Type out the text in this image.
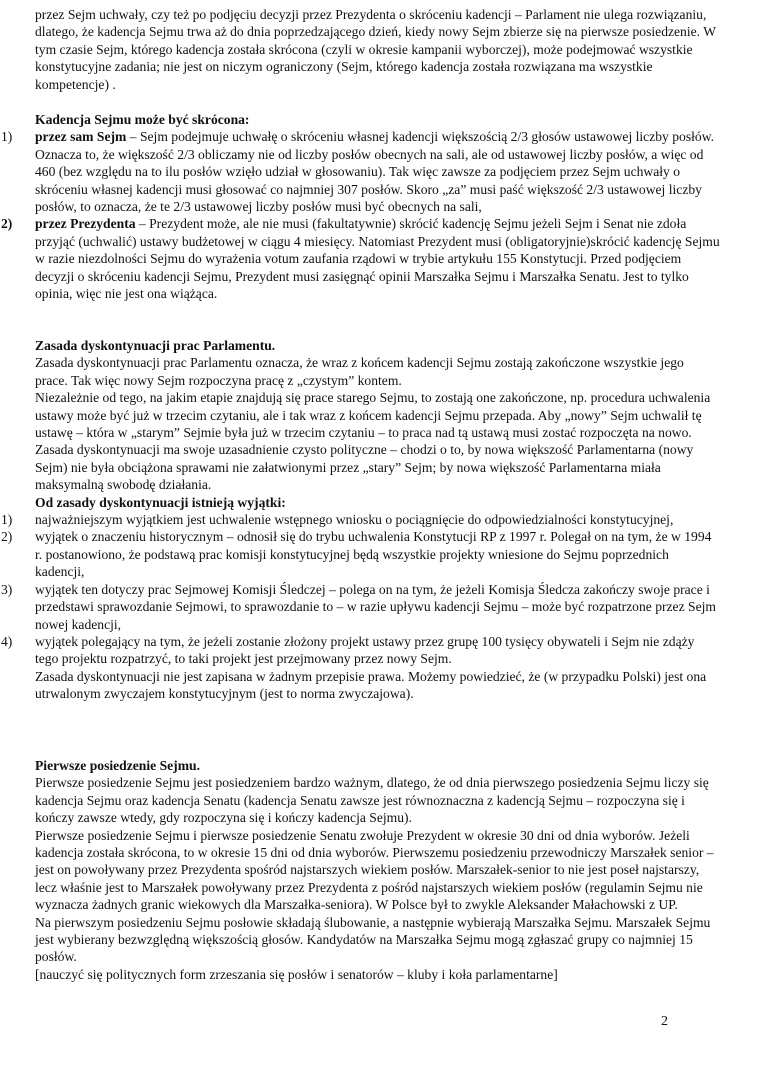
przez Sejm uchwały, czy też po podjęciu decyzji przez Prezydenta o skróceniu kadencji – Parlament nie ulega rozwiązaniu, dlatego, że kadencja Sejmu trwa aż do dnia poprzedzającego dzień, kiedy nowy Sejm zbierze się na pierwsze posiedzenie. W tym czasie Sejm, którego kadencja została skrócona (czyli w okresie kampanii wyborczej), może podejmować wszystkie konstytucyjne zadania; nie jest on niczym ograniczony (Sejm, którego kadencja została rozwiązana ma wszystkie kompetencje) .

Kadencja Sejmu może być skrócona:

1) przez sam Sejm – Sejm podejmuje uchwałę o skróceniu własnej kadencji większością 2/3 głosów ustawowej liczby posłów. Oznacza to, że większość 2/3 obliczamy nie od liczby posłów obecnych na sali, ale od ustawowej liczby posłów, a więc od 460 (bez względu na to ilu posłów wzięło udział w głosowaniu). Tak więc zawsze za podjęciem przez Sejm uchwały o skróceniu własnej kadencji musi głosować co najmniej 307 posłów. Skoro „za” musi paść większość 2/3 ustawowej liczby posłów, to oznacza, że te 2/3 ustawowej liczby posłów musi być obecnych na sali,
2) przez Prezydenta – Prezydent może, ale nie musi (fakultatywnie) skrócić kadencję Sejmu jeżeli Sejm i Senat nie zdoła przyjąć (uchwalić) ustawy budżetowej w ciągu 4 miesięcy. Natomiast Prezydent musi (obligatoryjnie)skrócić kadencję Sejmu w razie niezdolności Sejmu do wyrażenia votum zaufania rządowi w trybie artykułu 155 Konstytucji. Przed podjęciem decyzji o skróceniu kadencji Sejmu, Prezydent musi zasięgnąć opinii Marszałka Sejmu i Marszałka Senatu. Jest to tylko opinia, więc nie jest ona wiążąca.

Zasada dyskontynuacji prac Parlamentu.

Zasada dyskontynuacji prac Parlamentu oznacza, że wraz z końcem kadencji Sejmu zostają zakończone wszystkie jego prace. Tak więc nowy Sejm rozpoczyna pracę z „czystym” kontem.

Niezależnie od tego, na jakim etapie znajdują się prace starego Sejmu, to zostają one zakończone, np. procedura uchwalenia ustawy może być już w trzecim czytaniu, ale i tak wraz z końcem kadencji Sejmu przepada. Aby „nowy” Sejm uchwalił tę ustawę – która w „starym” Sejmie była już w trzecim czytaniu – to praca nad tą ustawą musi zostać rozpoczęta na nowo.

Zasada dyskontynuacji ma swoje uzasadnienie czysto polityczne – chodzi o to, by nowa większość Parlamentarna (nowy Sejm) nie była obciążona sprawami nie załatwionymi przez „stary” Sejm; by nowa większość Parlamentarna miała maksymalną swobodę działania.

Od zasady dyskontynuacji istnieją wyjątki:

1) najważniejszym wyjątkiem jest uchwalenie wstępnego wniosku o pociągnięcie do odpowiedzialności konstytucyjnej,
2) wyjątek o znaczeniu historycznym – odnosił się do trybu uchwalenia Konstytucji RP z 1997 r. Polegał on na tym, że w 1994 r. postanowiono, że podstawą prac komisji konstytucyjnej będą wszystkie projekty wniesione do Sejmu poprzednich kadencji,
3) wyjątek ten dotyczy prac Sejmowej Komisji Śledczej – polega on na tym, że jeżeli Komisja Śledcza zakończy swoje prace i przedstawi sprawozdanie Sejmowi, to sprawozdanie to – w razie upływu kadencji Sejmu – może być rozpatrzone przez Sejm nowej kadencji,
4) wyjątek polegający na tym, że jeżeli zostanie złożony projekt ustawy przez grupę 100 tysięcy obywateli i Sejm nie zdąży tego projektu rozpatrzyć, to taki projekt jest przejmowany przez nowy Sejm.

Zasada dyskontynuacji nie jest zapisana w żadnym przepisie prawa. Możemy powiedzieć, że (w przypadku Polski) jest ona utrwalonym zwyczajem konstytucyjnym (jest to norma zwyczajowa).

Pierwsze posiedzenie Sejmu.

Pierwsze posiedzenie Sejmu jest posiedzeniem bardzo ważnym, dlatego, że od dnia pierwszego posiedzenia Sejmu liczy się kadencja Sejmu oraz kadencja Senatu (kadencja Senatu zawsze jest równoznaczna z kadencją Sejmu – rozpoczyna się i kończy zawsze wtedy, gdy rozpoczyna się i kończy kadencja Sejmu).

Pierwsze posiedzenie Sejmu i pierwsze posiedzenie Senatu zwołuje Prezydent w okresie 30 dni od dnia wyborów. Jeżeli kadencja została skrócona, to w okresie 15 dni od dnia wyborów. Pierwszemu posiedzeniu przewodniczy Marszałek senior – jest on powoływany przez Prezydenta spośród najstarszych wiekiem posłów. Marszałek-senior to nie jest poseł najstarszy, lecz właśnie jest to Marszałek powoływany przez Prezydenta z pośród najstarszych wiekiem posłów (regulamin Sejmu nie wyznacza żadnych granic wiekowych dla Marszałka-seniora). W Polsce był to zwykle Aleksander Małachowski z UP.

Na pierwszym posiedzeniu Sejmu posłowie składają ślubowanie, a następnie wybierają Marszałka Sejmu. Marszałek Sejmu jest wybierany bezwzględną większością głosów. Kandydatów na Marszałka Sejmu mogą zgłaszać grupy co najmniej 15 posłów.

[nauczyć się politycznych form zrzeszania się posłów i senatorów – kluby i koła parlamentarne]

2
